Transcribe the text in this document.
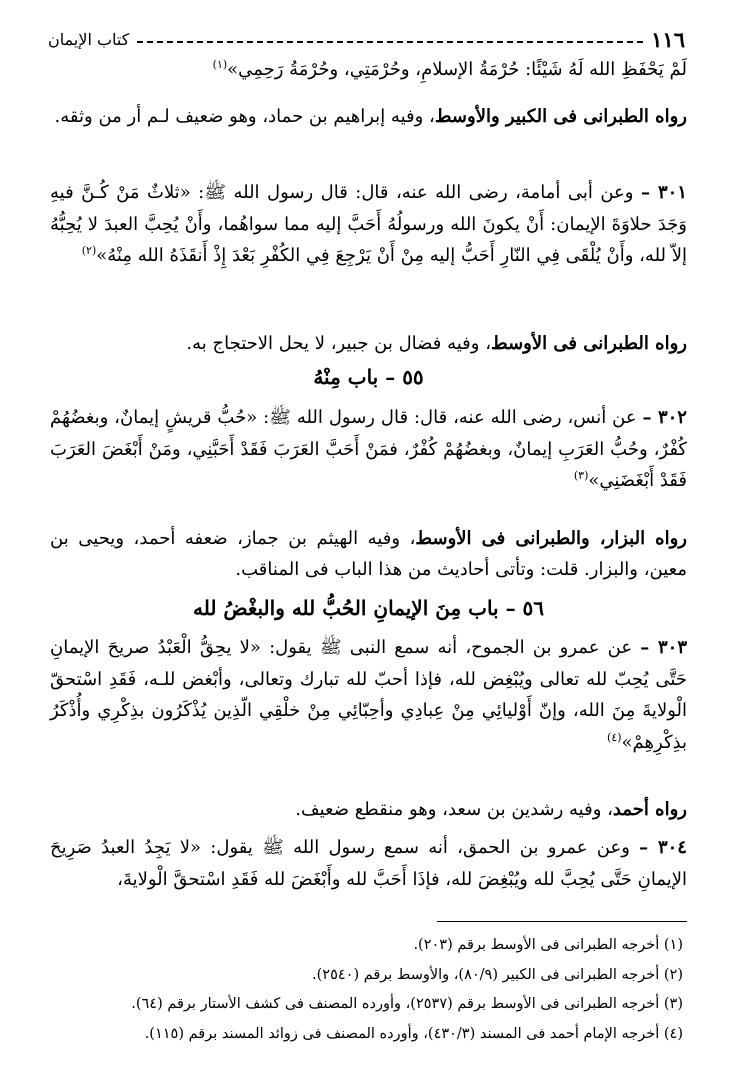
١١٦
كتاب الإيمان
لَمْ يَحْفَظِ الله لَهُ شَيْئًا: حُرْمَةُ الإسلامِ، وحُرْمَتِي، وحُرْمَةُ رَحِمِي»$^{(١)}$
رواه الطبرانى فى الكبير والأوسط، وفيه إبراهيم بن حماد، وهو ضعيف لـم أر من وثقه.
٣٠١ – وعن أبى أمامة، رضى الله عنه، قال: قال رسول الله ﷺ: «ثلاثٌ مَنْ كُـنَّ فيهِ وَجَدَ حلاوَةَ الإيمان: أَنْ يكونَ الله ورسولُهُ أَحَبَّ إليه مما سواهُما، وأَنْ يُحِبَّ العبدَ لا يُحِبُّهُ إلاّ لله، وأَنْ يُلْقَى فِي النّارِ أَحَبُّ إليه مِنْ أَنْ يَرْجِعَ فِي الكُفْرِ بَعْدَ إِذْ أَنقَذَهُ الله مِنْهُ»$^{(٢)}$
رواه الطبرانى فى الأوسط، وفيه فضال بن جبير، لا يحل الاحتجاج به.
٥٥ – باب مِنْهُ
٣٠٢ – عن أنس، رضى الله عنه، قال: قال رسول الله ﷺ: «حُبُّ قريشٍ إيمانٌ، وبغضُهُمْ كُفْرٌ، وحُبُّ العَرَبِ إيمانٌ، وبغضُهُمْ كُفْرٌ، فمَنْ أَحَبَّ العَرَبَ فَقَدْ أَحَبَّنِي، ومَنْ أَبْغَضَ العَرَبَ فَقَدْ أَبْغَضَنِي»$^{(٣)}$
رواه البزار، والطبرانى فى الأوسط، وفيه الهيثم بن جماز، ضعفه أحمد، ويحيى بن معين، والبزار. قلت: وتأتى أحاديث من هذا الباب فى المناقب.
٥٦ – باب مِنَ الإيمانِ الحُبُّ لله والبغْضُ لله
٣٠٣ – عن عمرو بن الجموح، أنه سمع النبى ﷺ يقول: «لا يحِقُّ الْعَبْدُ صريحَ الإيمانِ حَتَّى يُحِبّ لله تعالى ويُبْغِض لله، فإذا أحبّ لله تبارك وتعالى، وأبْغض للـه، فَقَدِ اسْتحقّ الْولايةَ مِنَ الله، وإنّ أَوْليائِي مِنْ عِبادِي وأحِبّائِي مِنْ خلْقِي الّذِين يُذْكَرُون بذِكْرِي وأُذْكَرُ بذِكْرِهِمْ»$^{(٤)}$
رواه أحمد، وفيه رشدين بن سعد، وهو منقطع ضعيف.
٣٠٤ – وعن عمرو بن الحمق، أنه سمع رسول الله ﷺ يقول: «لا يَجِدُ العبدُ صَرِيحَ الإيمانِ حَتَّى يُحِبَّ لله ويُبْغِضَ لله، فإذَا أَحَبَّ لله وأَبْغَضَ لله فَقَدِ اسْتحقَّ الْولايةَ،
(١) أخرجه الطبرانى فى الأوسط برقم (٢٠٣).
(٢) أخرجه الطبرانى فى الكبير (٨٠/٩)، والأوسط برقم (٢٥٤٠).
(٣) أخرجه الطبرانى فى الأوسط برقم (٢٥٣٧)، وأورده المصنف فى كشف الأستار برقم (٦٤).
(٤) أخرجه الإمام أحمد فى المسند (٤٣٠/٣)، وأورده المصنف فى زوائد المسند برقم (١١٥).
